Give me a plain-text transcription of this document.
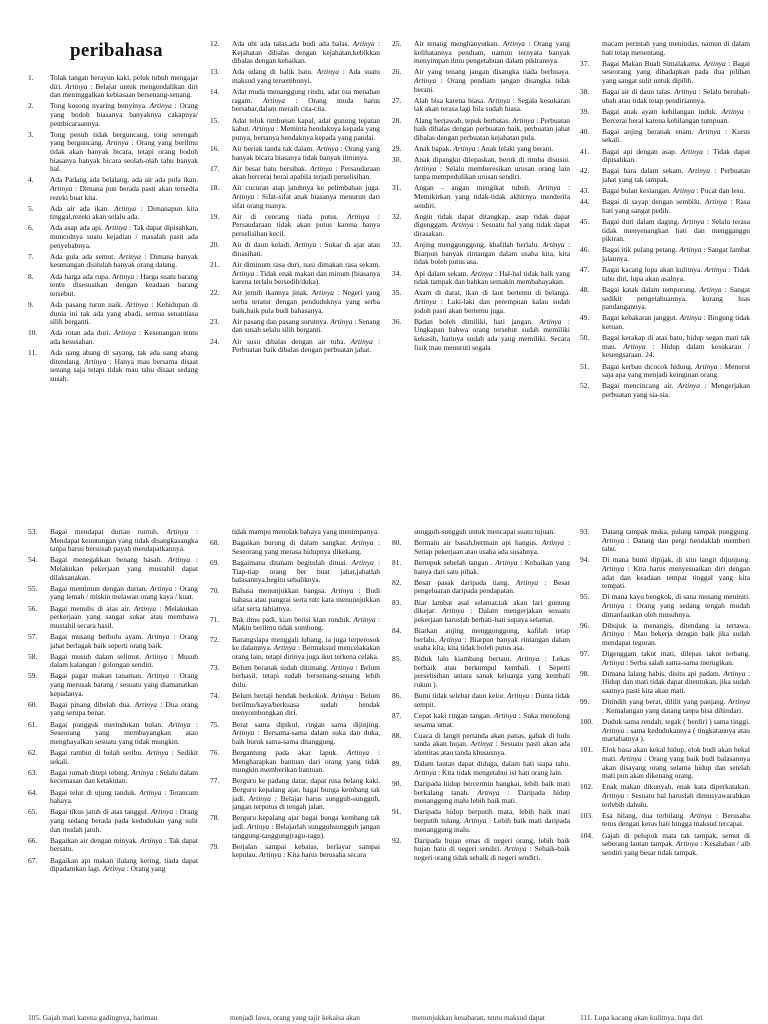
peribahasa
1.	Tolak tangan berayun kaki, peluk tubuh mengajar diri. Artinya : Belajar untuk mengendalikan diri dan meninggalkan kebiasaan bersenang-senang.
2.	Tong kosong nyaring bunyinya. Artinya : Orang yang bodoh biasanya banyaknya cakapnya/ pembicaraannya.
3.	Tong penuh tidak berguncang, tong setengah yang berguncang. Artinya : Orang yang berilmu tidak akan banyak bicara, tetapi orang bodoh biasanya banyak bicara seolah-olah tahu banyak hal.
4.	Ada Padang ada belalang, ada air ada pula ikan. Artinya : Dimana pun berada pasti akan tersedia rezeki buat kita.
5.	Ada air ada ikan. Artinya : Dimanapun kita tinggal,rezeki akan selalu ada.
6.	Ada asap ada api. Artinya : Tak dapat dipisahkan, munculnya suatu kejadian / masalah pasti ada penyebabnya.
7.	Ada gula ada semut. Artinya : Dimana banyak kesenangan disitulah banyak orang datang.
8.	Ada harga ada rupa. Artinya : Harga suatu barang tentu disesuaikan dengan keadaan barang tersebut.
9.	Ada pasang turun naik. Artinya : Kehidupan di dunia ini tak ada yang abadi, semua senantiasa silih berganti.
10.	Ada rotan ada duri. Artinya : Kesenangan tentu ada kesusahan.
11.	Ada uang abang di sayang, tak ada uang abang ditendang. Artinya : Hanya mau bersama disaat senang saja tetapi tidak mau tahu disaat sedang susah.
12.	Ada ubi ada talas,ada budi ada balas. Artinya : Kejahatan dibalas dengan kejahatan,kebikkan dibalas dengan kebaikan.
13.	Ada udang di balik batu. Artinya : Ada suatu maksud yang tersembunyi.
14.	Adat muda menanggung rindu, adat tua menahan ragam. Artinya : Orang muda harus bersabar,dalam meraih cita-cita.
15.	Adat teluk timbunan kapal, adat gunung tepatan kabut. Artinya : Meminta hendaknya kepada yang punya, bertanya hendaknya kepada yang pandai.
16.	Air beriak tanda tak dalam. Artinya : Orang yang banyak bicara biasanya tidak banyak ilmunya.
17.	Air besar batu bersibak. Artinya : Persaudaraan akan bercerai berai apabila terjadi perselisihan.
18.	Air cucuran atap jatuhnya ke pelimbahan juga. Artinya : Sifat-sifat anak biasanya menurun dari sifat orang tuanya.
19.	Air di cencang tiada putus. Artinya : Persaudaraan tidak akan putus karena hanya perselisihan kecil.
20.	Air di daun keladi. Artinya : Sukar di ajar atau dinasihati.
21.	Air diminum rasa duri, nasi dimakan rasa sekam. Artinya : Tidak enak makan dan minum (biasanya karena terlalu bersedih/duka).
22.	Air jernih ikannya jinak. Artinya : Negeri yang serba teratur dengan penduduknya yang serba baik,baik pula budi bahasanya.
23.	Air pasang dan pasang surutnya. Artinya : Senang dan susah selalu silih berganti.
24.	Air susu dibalas dengan air tuba. Artinya : Perbuatan baik dibalas dengan perbuatan jahat.
25.	Air tenang menghanyutkan. Artinya : Orang yang kelihatannya pendiam, namun ternyata banyak menyimpan ilmu pengetahuan dalam pikirannya.
26.	Air yang tenang jangan disangka tiada berbuaya. Artinya : Orang pendiam jangan disangka tidak berani.
27.	Alah bisa karena biasa. Artinya : Segala kesukaran tak akan terasa lagi bila sudah biasa.
28.	Alang berjawab, tepuk berbatas. Artinya : Perbuatan baik dibalas dengan perbuatan baik, perbuatan jahat dibalas dengan perbuatan kejahatan pula.
29.	Anak bapak. Artinya : Anak lelaki yang berani.
30.	Anak dipangku dilepaskan, beruk di rimba disusui. Artinya : Selalu memberesikan urusan orang lain tanpa mempedulikan urusan sendiri.
31.	Angan - angan mengikat tubuh. Artinya : Memikirkan yang tidak-tidak akhirnya menderita sendiri.
32.	Angin tidak dapat ditangkap, asap tidak dapat digenggam. Artinya : Sesuatu hal yang tidak dapat dirasakan.
33.	Anjing menggonggong, khafilah berlalu. Artinya : Biarpun banyak rintangan dalam usaha kita, kita tidak boleh putus asa.
34.	Api dalam sekam. Artinya : Hal-hal tidak baik yang tidak tampak dan bahkan semakin membahayakan.
35.	Asam di darat, ikan di laut bertemu di belanga. Artinya : Laki-laki dan perempuan kalau sudah jodoh pasti akan bertemu juga.
36.	Badan boleh dimiliki, hati jangan. Artinya : Ungkapan bahwa orang tersebut sudah memiliki kekasih, hatinya sudah ada yang memiliki. Secara fisik mau menuruti segala
macam perintah yang menindas, namun di dalam hati tetap menentang.
37.	Bagai Makan Buah Simalakama. Artinya : Bagai seseorang yang dihadapkan pada dua pilihan yang sangat sulit untuk dipilih.
38.	Bagai air di daun talas. Artinya : Selalu berubah-ubah atau tidak tetap pendiriannya.
39.	Bagai anak ayam kehilangan induk. Artinya : Bercerai berai karena kehilangan tumpuan.
40.	Bagai anjing beranak enam. Artinya : Kurus sekali.
41.	Bagai api dengan asap. Artinya : Tidak dapat dipisahkan.
42.	Bagai bara dalam sekam. Artinya : Perbuatan jahat yang tak tampak.
43.	Bagai bulan kesiangan. Artinya : Pucat dan lesu.
44.	Bagai di sayap dengan sembilu. Artinya : Rasa hati yang sangat pedih.
45.	Bagai duri dalam daging. Artinya : Selalu terasa tidak menyenangkan hati dan mengganggu pikiran.
46.	Bagai itik pulang petang. Artinya : Sangat lambat jalannya.
47.	Bagai kacang lupa akan kulitnya. Artinya : Tidak tahu diri, lupa akan asalnya.
48.	Bagai katak dalam tempurung. Artinya : Sangat sedikit pengetahuannya, kurang luas pandangannya.
49.	Bagai kebakaran janggut. Artinya : Bingung tidak keruan.
50.	Bagai kerakap di atas batu, hidup segan mati tak mau. Artinya : Hidup dalam kesukaran / kesengsaraan. 24.
51.	Bagai kerbau dicocok hidung. Artinya : Menurut saja apa yang menjadi keinginan orang.
52.	Bagai mencincang air. Artinya : Mengerjakan perbuatan yang sia-sia.
53.	Bagai mendapat durian runtuh. Artinya : Mendapat keuntungan yang tidak disangkasangka tanpa harus bersusah payah mendapatkannya.
54.	Bagai menegakkan benang basah. Artinya : Melakukan pekerjaan yang mustahil dapat dilaksanakan.
55.	Bagai mentimun dengan durian. Artinya : Orang yang lemah / miskin melawan orang kaya / kuat.
56.	Bagai menulis di atas air. Artinya : Melakukan perkerjaan yang sangat sukar atau membawa mustahil secara hasil.
57.	Bagai musang berbulu ayam. Artinya : Orang jahat berlagak baik seperti orang baik.
58.	Bagai musuh dalam selimut. Artinya : Musuh dalam kalangan / golongan sendiri.
59.	Bagai pagar makan tanaman. Artinya : Orang yang merusak barang / sesuatu yang diamanatkan kepadanya.
60.	Bagai pinang dibelah dua. Artinya : Dua orang yang serupa benar.
61.	Bagai pungguk merindukan bulan. Artinya : Seseorang yang membayangkan atau menghayalkan sesuatu yang tidak mungkin.
62.	Bagai rambut di belah seribu. Artinya : Sedikit sekali.
63.	Bagai rumah ditepi tebing. Artinya : Selalu dalam kecemasan dan ketakutan.
64.	Bagai telur di ujung tanduk. Artinya : Terancam bahaya.
65.	Bagai tikus jatuh di atas tanggul. Artinya : Orang yang sedang berada pada kedudukan yang sulit dan mudah jatuh.
66.	Bagaikan air dengan minyak. Artinya : Tak dapat bersatu.
67.	Bagaikan api makan ilalang kering, tiada dapat dipadamkan lagi. Artinya : Orang yang
tidak mampu menolak bahaya yang menimpanya.
68.	Bagaikan burung di dalam sangkar. Artinya : Seseorang yang merasa hidupnya dikekang.
69.	Bagaimana ditanam begitulah dituai. Artinya : Tiap-tiap orang ber buat jahat,jahatlah balasannya,begitu sebaliknya.
70.	Bahasa menunjukkan bangsa. Artinya : Budi bahasa atau pangrai serta tutr kata menunnjukkan sifat serta tabiatnya.
71.	Bak ilmu padi, kian berisi kian runduk. Artinya : Makin berilmu tidak sombong.
72.	Barangsiapa menggali lubang, ia juga terperosok ke dalamnya. Artinya : Bermaksud mencelakakan orang lain, tetapi dirinya juga ikut terkena celaka.
73.	Belum beranak sudah ditimang. Artinya : Belum berhasil, tetapi sudah bersenang-senang lebih dulu.
74.	Belum bertaji hendak berkokok. Artinya : Belum berilmu/kaya/berkuasa sudah hendak menyombongkan diri.
75.	Berat sama dipikul, ringan sama dijinjing. Artinya : Bersama-sama dalam suka dan duka, baik buruk sama-sama ditanggung.
76.	Bergantung pada akar lapuk. Artinya : Mengharapkan bantuan dari orang yang tidak mungkin memberikan bantuan.
77.	Berguru ke padang datar, dapat rusa belang kaki. Berguru kepalang ajar, bagai bunga kembang tak jadi. Artinya : Belajar harus sungguh-sungguh, jangan terputus di tengah jalan.
78.	Berguru kepalang ajar bagai bunga kembang tak jadi. Artinya : Belajarlah sungguhsungguh jangan tanggung-tanggung(ragu-ragu).
79.	Berjalan sampai kebatas, berlayar sampai kepulau. Artinya : Kita harus berusaha secara
sungguh-sungguh untuk mencapai suatu tujuan.
80.	Bermain air basah,bermain api hangus. Artinya : Setiap pekerjaan atau usaha ada susahnya.
81.	Bertepuk sebelah tangan . Artinya : Kebaikan yang hanya dari satu pihak.
82.	Besar pasak daripada tiang. Artinya : Besar pengeluaran daripada pendapatan.
83.	Biar lambat asal selamat,tak akan lari gunung dikejar. Artinya : Dalam mengerjakan sesuatu pekerjaan haruslah berhati-hati supaya selamat.
84.	Biarkan anjing menggonggong, kafilah tetap berlalu. Artinya : Biarpun banyak rintangan dalam usaha kita, kita tidak boleh putus asa.
85.	Biduk lalu kiambang bertaut. Artinya : Lekas berbaik atau berkumpul kembali. ( Seperti perselisihan antara sanak keluarga yang kembali rukun ).
86.	Bumi tidak selebar daun kelor. Artinya : Dunia tidak sempit.
87.	Cepat kaki ringan tangan. Artinya : Suka menolong sesama umat.
88.	Cuaca di langit pertanda akan panas, gabak di hulu tanda akan hujan. Artinya : Sesuatu pasti akan ada identitas atau tanda khususnya.
89.	Dalam lautan dapat diduga, dalam hati siapa tahu. Artinya : Kita tidak mengetahui isi hati orang lain.
90.	Daripada hidup bercermin bangkai, lebih baik mati berkalang tanah. Artinya : Daripada hidup menanggung malu lebih baik mati.
91.	Daripada hidup berputih mata, lebih baik mati berputih tulang. Artinya : Lebih baik mati daripada menanggung malu.
92.	Daripada hujan emas di negeri orang, lebih baik hujan batu di negeri sendiri. Artinya : Sebaik-baik negeri orang tidak sebaik di negeri sendiri.
93.	Datang tampak muka, pulang tampak punggung. Artinya : Datang dan pergi hendaklah memberi tahu.
94.	Di mana bumi dipijak, di situ langit dijunjung. Artinya : Kita harus menyesuaikan diri dengan adat dan keadaan tempat tinggal yang kita tempati.
95.	Di mana kayu bengkok, di sana musang meniniti. Artinya : Orang yang sedang tengah mudah dimanfaatkan oleh musuhnya.
96.	Dibujuk ia menangis, ditendang ia tertawa. Artinya : Mau bekerja dengan baik jika sudah mendapat teguran.
97.	Digenggam takut mati, dilepas takut terbang. Artinya : Serba salah sama-sama merugikan.
98.	Dimana lalang habis, disitu api padam. Artinya : Hidup dan mati tidak dapat ditentukan, jika sudah saatnya pasti kita akan mati.
99.	Ditindih yang berat, dililit yang panjang. Artinya : Kemalangan yang datang tanpa bisa dihindari.
100.	Duduk sama rendah, tegak ( berdiri ) sama tinggi. Artinya : sama kedudukannya ( tingkatannya atau martabatnya ).
101.	Elok basa akan kekal hidup, elok budi akan bekal mati. Artinya : Orang yang baik budi balasannya akan disayang orang selama hidup dan setelah mati pun akan dikenang orang.
102.	Enak makan dikunyah, enak kata diperkatakan. Artinya : Sesuatu hal haruslah dimusyawarahkan terlebih dahulu.
103.	Esa hilang, dua terbilang. Artinya : Berusaha terus dengan keras hati hingga maksud tercapai.
104.	Gajah di pelupuk mata tak tampak, semut di seberang lautan tampak. Artinya : Kesalahan / aib sendiri yang besar tidak tampak.
105. Gajah mati karena gadingnya, harimau	menjadi lawa, orang yang tajir kekaisa akan	menunjukkan kesabaran, tentu maksud dapat	111. Lupa kacang akan kulitnya, lupa diri
